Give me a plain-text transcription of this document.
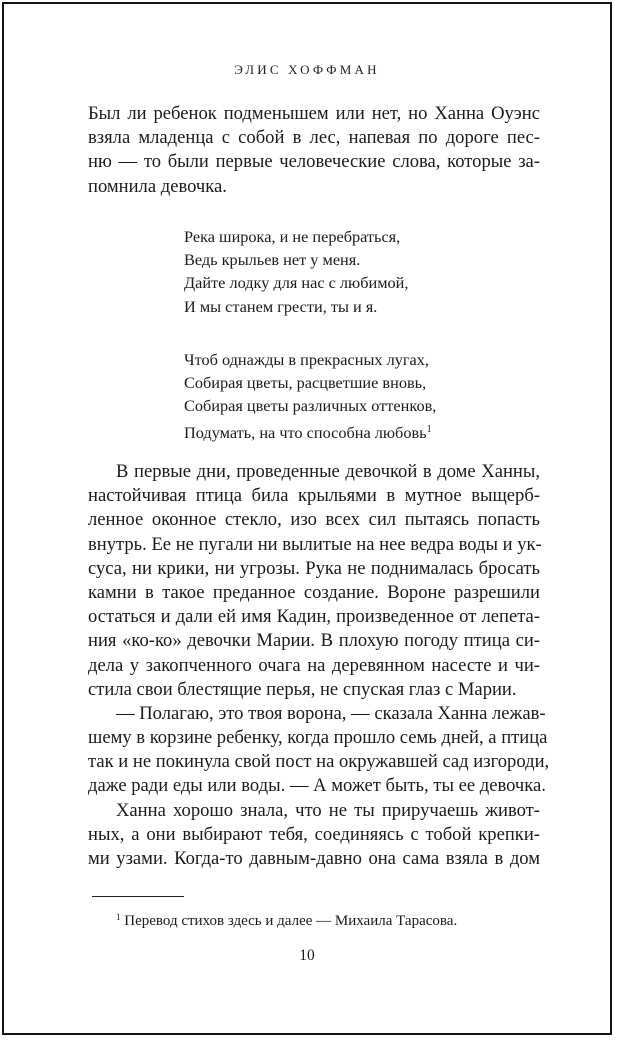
ЭЛИС ХОФФМАН
Был ли ребенок подменышем или нет, но Ханна Оуэнс
взяла младенца с собой в лес, напевая по дороге пес-
ню — то были первые человеческие слова, которые за-
помнила девочка.
Река широка, и не перебраться,
Ведь крыльев нет у меня.
Дайте лодку для нас с любимой,
И мы станем грести, ты и я.
Чтоб однажды в прекрасных лугах,
Собирая цветы, расцветшие вновь,
Собирая цветы различных оттенков,
Подумать, на что способна любовь$^1$
В первые дни, проведенные девочкой в доме Ханны,
настойчивая птица била крыльями в мутное выщерб-
ленное оконное стекло, изо всех сил пытаясь попасть
внутрь. Ее не пугали ни вылитые на нее ведра воды и ук-
суса, ни крики, ни угрозы. Рука не поднималась бросать
камни в такое преданное создание. Вороне разрешили
остаться и дали ей имя Кадин, произведенное от лепета-
ния «ко-ко» девочки Марии. В плохую погоду птица си-
дела у закопченного очага на деревянном насесте и чи-
стила свои блестящие перья, не спуская глаз с Марии.
— Полагаю, это твоя ворона, — сказала Ханна лежав-
шему в корзине ребенку, когда прошло семь дней, а птица
так и не покинула свой пост на окружавшей сад изгороди,
даже ради еды или воды. — А может быть, ты ее девочка.
Ханна хорошо знала, что не ты приручаешь живот-
ных, а они выбирают тебя, соединяясь с тобой крепки-
ми узами. Когда-то давным-давно она сама взяла в дом
$^1$ Перевод стихов здесь и далее — Михаила Тарасова.
10
